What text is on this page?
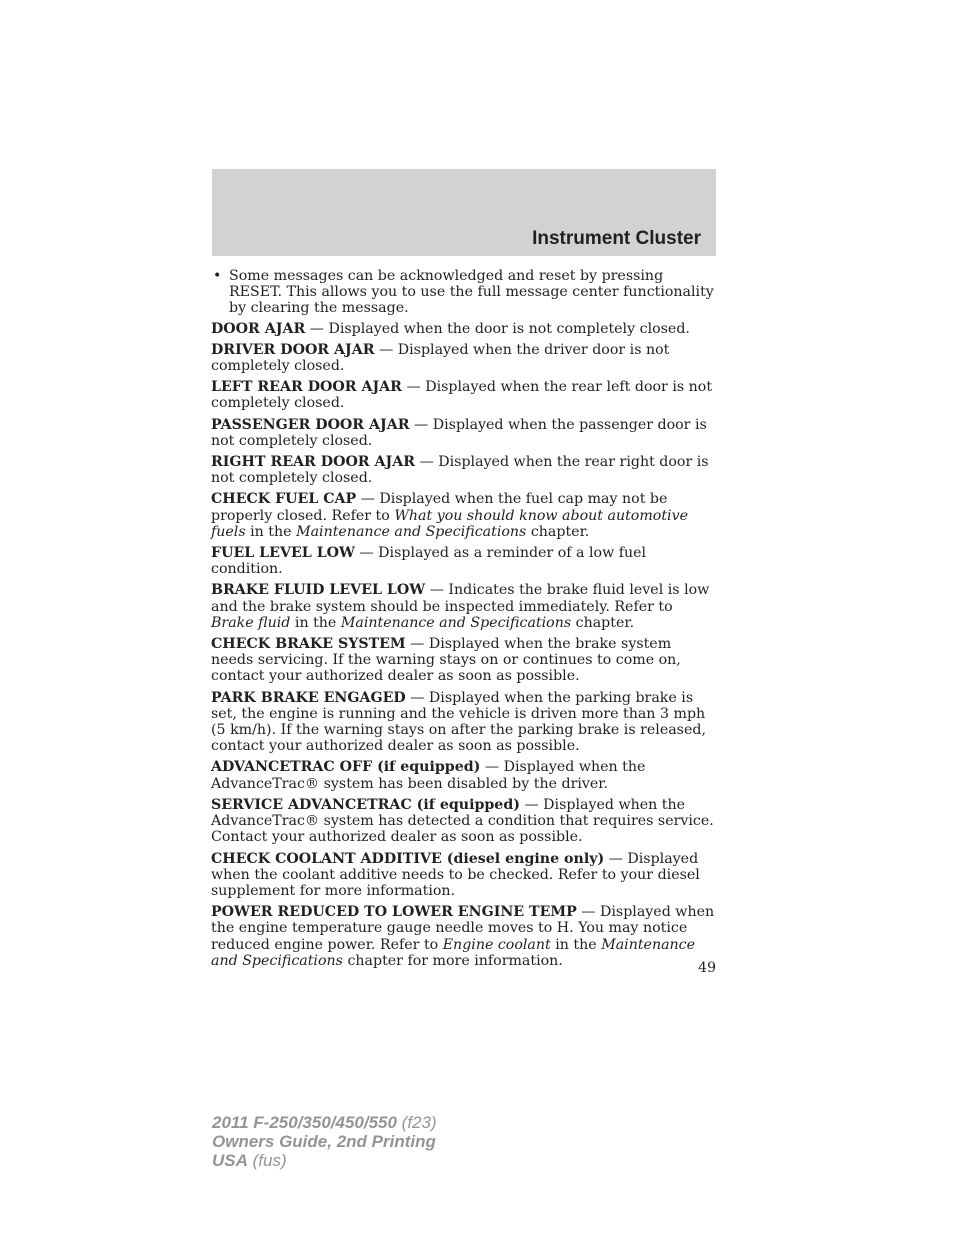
Instrument Cluster
• Some messages can be acknowledged and reset by pressing RESET. This allows you to use the full message center functionality by clearing the message.

DOOR AJAR — Displayed when the door is not completely closed.

DRIVER DOOR AJAR — Displayed when the driver door is not completely closed.

LEFT REAR DOOR AJAR — Displayed when the rear left door is not completely closed.

PASSENGER DOOR AJAR — Displayed when the passenger door is not completely closed.

RIGHT REAR DOOR AJAR — Displayed when the rear right door is not completely closed.

CHECK FUEL CAP — Displayed when the fuel cap may not be properly closed. Refer to What you should know about automotive fuels in the Maintenance and Specifications chapter.

FUEL LEVEL LOW — Displayed as a reminder of a low fuel condition.

BRAKE FLUID LEVEL LOW — Indicates the brake fluid level is low and the brake system should be inspected immediately. Refer to Brake fluid in the Maintenance and Specifications chapter.

CHECK BRAKE SYSTEM — Displayed when the brake system needs servicing. If the warning stays on or continues to come on, contact your authorized dealer as soon as possible.

PARK BRAKE ENGAGED — Displayed when the parking brake is set, the engine is running and the vehicle is driven more than 3 mph (5 km/h). If the warning stays on after the parking brake is released, contact your authorized dealer as soon as possible.

ADVANCETRAC OFF (if equipped) — Displayed when the AdvanceTrac® system has been disabled by the driver.

SERVICE ADVANCETRAC (if equipped) — Displayed when the AdvanceTrac® system has detected a condition that requires service. Contact your authorized dealer as soon as possible.

CHECK COOLANT ADDITIVE (diesel engine only) — Displayed when the coolant additive needs to be checked. Refer to your diesel supplement for more information.

POWER REDUCED TO LOWER ENGINE TEMP — Displayed when the engine temperature gauge needle moves to H. You may notice reduced engine power. Refer to Engine coolant in the Maintenance and Specifications chapter for more information.	49
2011 F-250/350/450/550 (f23)
Owners Guide, 2nd Printing
USA (fus)
